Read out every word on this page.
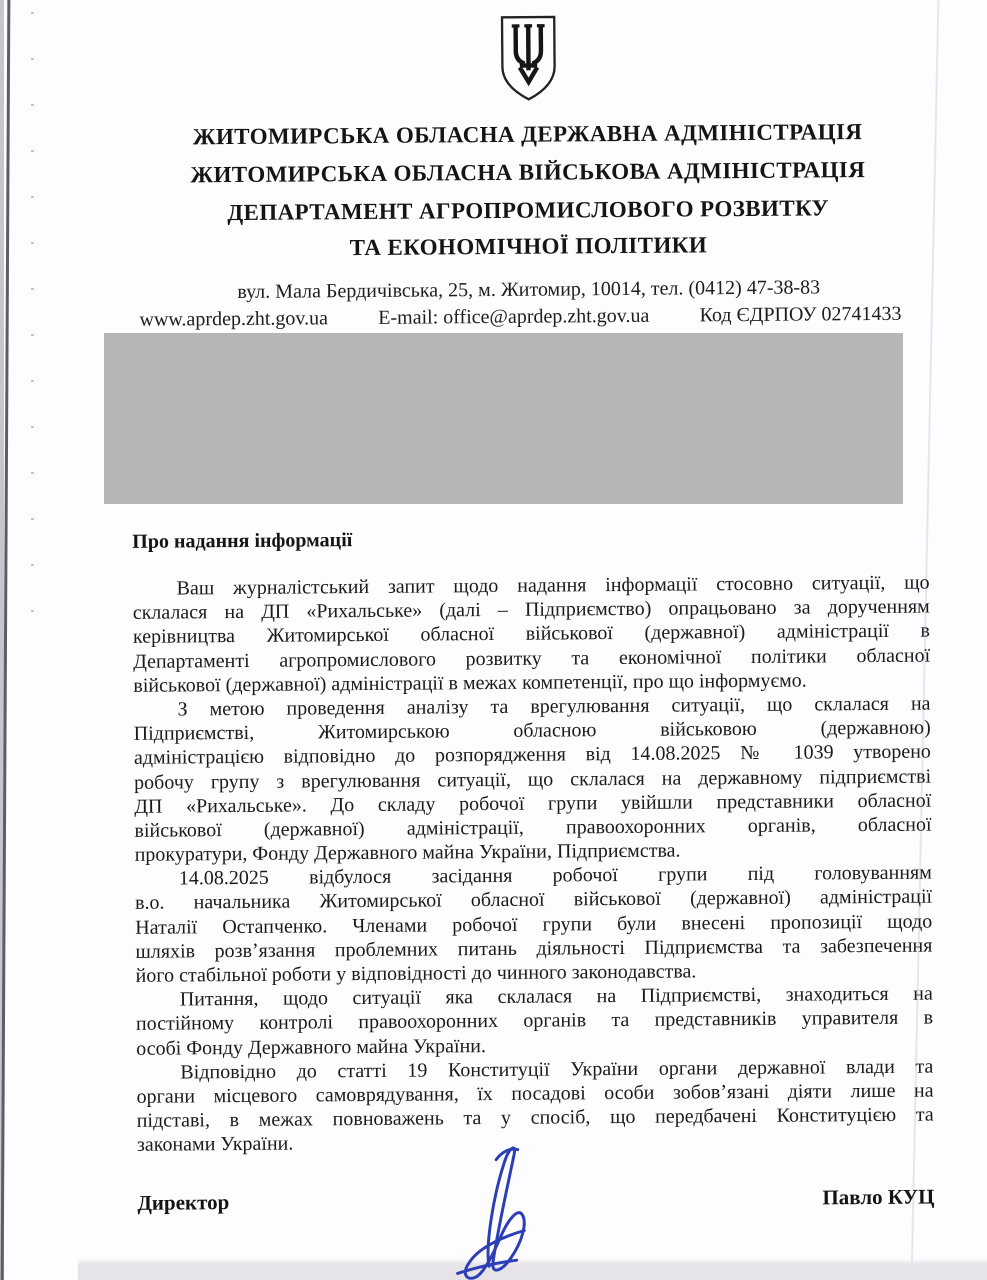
ЖИТОМИРСЬКА ОБЛАСНА ДЕРЖАВНА АДМІНІСТРАЦІЯ
ЖИТОМИРСЬКА ОБЛАСНА ВІЙСЬКОВА АДМІНІСТРАЦІЯ
ДЕПАРТАМЕНТ АГРОПРОМИСЛОВОГО РОЗВИТКУ
ТА ЕКОНОМІЧНОЇ ПОЛІТИКИ
вул. Мала Бердичівська, 25, м. Житомир, 10014, тел. (0412) 47-38-83
www.aprdep.zht.gov.ua	E-mail: office@aprdep.zht.gov.ua	Код ЄДРПОУ 02741433
Про надання інформації
Ваш журналістський запит щодо надання інформації стосовно ситуації, що
склалася на ДП «Рихальське» (далі – Підприємство) опрацьовано за дорученням
керівництва Житомирської обласної військової (державної) адміністрації в
Департаменті агропромислового розвитку та економічної політики обласної
військової (державної) адміністрації в межах компетенції, про що інформуємо.
З метою проведення аналізу та врегулювання ситуації, що склалася на
Підприємстві, Житомирською обласною військовою (державною)
адміністрацією відповідно до розпорядження від 14.08.2025 № 1039 утворено
робочу групу з врегулювання ситуації, що склалася на державному підприємстві
ДП «Рихальське». До складу робочої групи увійшли представники обласної
військової (державної) адміністрації, правоохоронних органів, обласної
прокуратури, Фонду Державного майна України, Підприємства.
14.08.2025 відбулося засідання робочої групи під головуванням
в.о. начальника Житомирської обласної військової (державної) адміністрації
Наталії Остапченко. Членами робочої групи були внесені пропозиції щодо
шляхів розв’язання проблемних питань діяльності Підприємства та забезпечення
його стабільної роботи у відповідності до чинного законодавства.
Питання, щодо ситуації яка склалася на Підприємстві, знаходиться на
постійному контролі правоохоронних органів та представників управителя в
особі Фонду Державного майна України.
Відповідно до статті 19 Конституції України органи державної влади та
органи місцевого самоврядування, їх посадові особи зобов’язані діяти лише на
підставі, в межах повноважень та у спосіб, що передбачені Конституцією та
законами України.
Директор	Павло КУЦ
